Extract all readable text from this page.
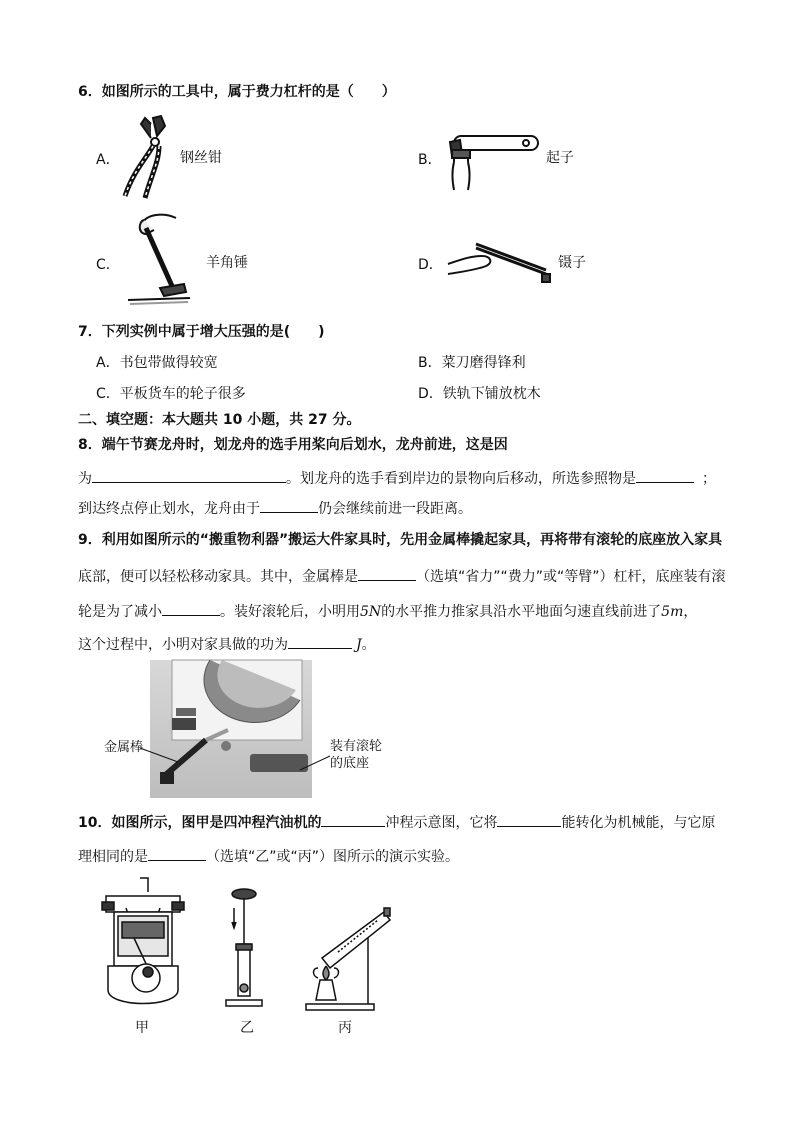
6．如图所示的工具中，属于费力杠杆的是（　　）
A．	钢丝钳	B．	起子
C．	羊角锤	D．	镊子
7．下列实例中属于增大压强的是(　　)
A．书包带做得较宽	B．菜刀磨得锋利
C．平板货车的轮子很多	D．铁轨下铺放枕木
二、填空题：本大题共 10 小题，共 27 分。
8．端午节赛龙舟时，划龙舟的选手用桨向后划水，龙舟前进，这是因
为	。划龙舟的选手看到岸边的景物向后移动，所选参照物是	；
到达终点停止划水，龙舟由于	仍会继续前进一段距离。
9．利用如图所示的“搬重物利器”搬运大件家具时，先用金属棒撬起家具，再将带有滚轮的底座放入家具
底部，便可以轻松移动家具。其中，金属棒是	（选填“省力”“费力”或“等臂”）杠杆，底座装有滚
轮是为了减小	。装好滚轮后，小明用5N的水平推力推家具沿水平地面匀速直线前进了5m，
这个过程中，小明对家具做的功为	J。
金属棒	装有滚轮
的底座
10．如图所示，图甲是四冲程汽油机的	冲程示意图，它将	能转化为机械能，与它原
理相同的是	（选填“乙”或“丙”）图所示的演示实验。
甲	乙	丙
